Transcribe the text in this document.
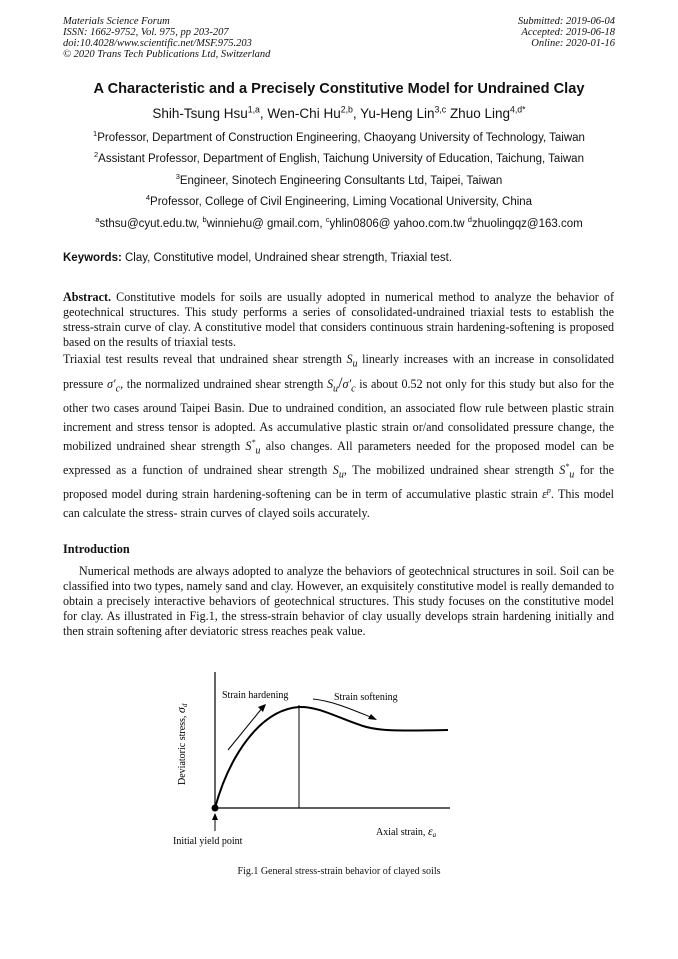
Materials Science Forum
ISSN: 1662-9752, Vol. 975, pp 203-207
doi:10.4028/www.scientific.net/MSF.975.203
© 2020 Trans Tech Publications Ltd, Switzerland
Submitted: 2019-06-04
Accepted: 2019-06-18
Online: 2020-01-16
A Characteristic and a Precisely Constitutive Model for Undrained Clay
Shih-Tsung Hsu$^{1,a}$, Wen-Chi Hu$^{2,b}$, Yu-Heng Lin$^{3,c}$ Zhuo Ling$^{4,d*}$
$^1$Professor, Department of Construction Engineering, Chaoyang University of Technology, Taiwan
$^2$Assistant Professor, Department of English, Taichung University of Education, Taichung, Taiwan
$^3$Engineer, Sinotech Engineering Consultants Ltd, Taipei, Taiwan
$^4$Professor, College of Civil Engineering, Liming Vocational University, China
$^a$sthsu@cyut.edu.tw, $^b$winniehu@ gmail.com, $^c$yhlin0806@ yahoo.com.tw $^d$zhuolingqz@163.com
Keywords: Clay, Constitutive model, Undrained shear strength, Triaxial test.

Abstract. Constitutive models for soils are usually adopted in numerical method to analyze the behavior of geotechnical structures. This study performs a series of consolidated-undrained triaxial tests to establish the stress-strain curve of clay. A constitutive model that considers continuous strain hardening-softening is proposed based on the results of triaxial tests.

Triaxial test results reveal that undrained shear strength $S_u$ linearly increases with an increase in consolidated pressure $\sigma'_c$, the normalized undrained shear strength $S_u/\sigma'_c$ is about 0.52 not only for this study but also for the other two cases around Taipei Basin. Due to undrained condition, an associated flow rule between plastic strain increment and stress tensor is adopted. As accumulative plastic strain or/and consolidated pressure change, the mobilized undrained shear strength $S^*_u$ also changes. All parameters needed for the proposed model can be expressed as a function of undrained shear strength $S_u$, The mobilized undrained shear strength $S^*_u$ for the proposed model during strain hardening-softening can be in term of accumulative plastic strain $\varepsilon^p$. This model can calculate the stress- strain curves of clayed soils accurately.

Introduction

Numerical methods are always adopted to analyze the behaviors of geotechnical structures in soil. Soil can be classified into two types, namely sand and clay. However, an exquisitely constitutive model is really demanded to obtain a precisely interactive behaviors of geotechnical structures. This study focuses on the constitutive model for clay. As illustrated in Fig.1, the stress-strain behavior of clay usually develops strain hardening initially and then strain softening after deviatoric stress reaches peak value.

Strain hardening	Strain softening
Initial yield point
Axial strain, $\varepsilon_a$
Deviatoric stress, $\sigma_d$
Fig.1 General stress-strain behavior of clayed soils
